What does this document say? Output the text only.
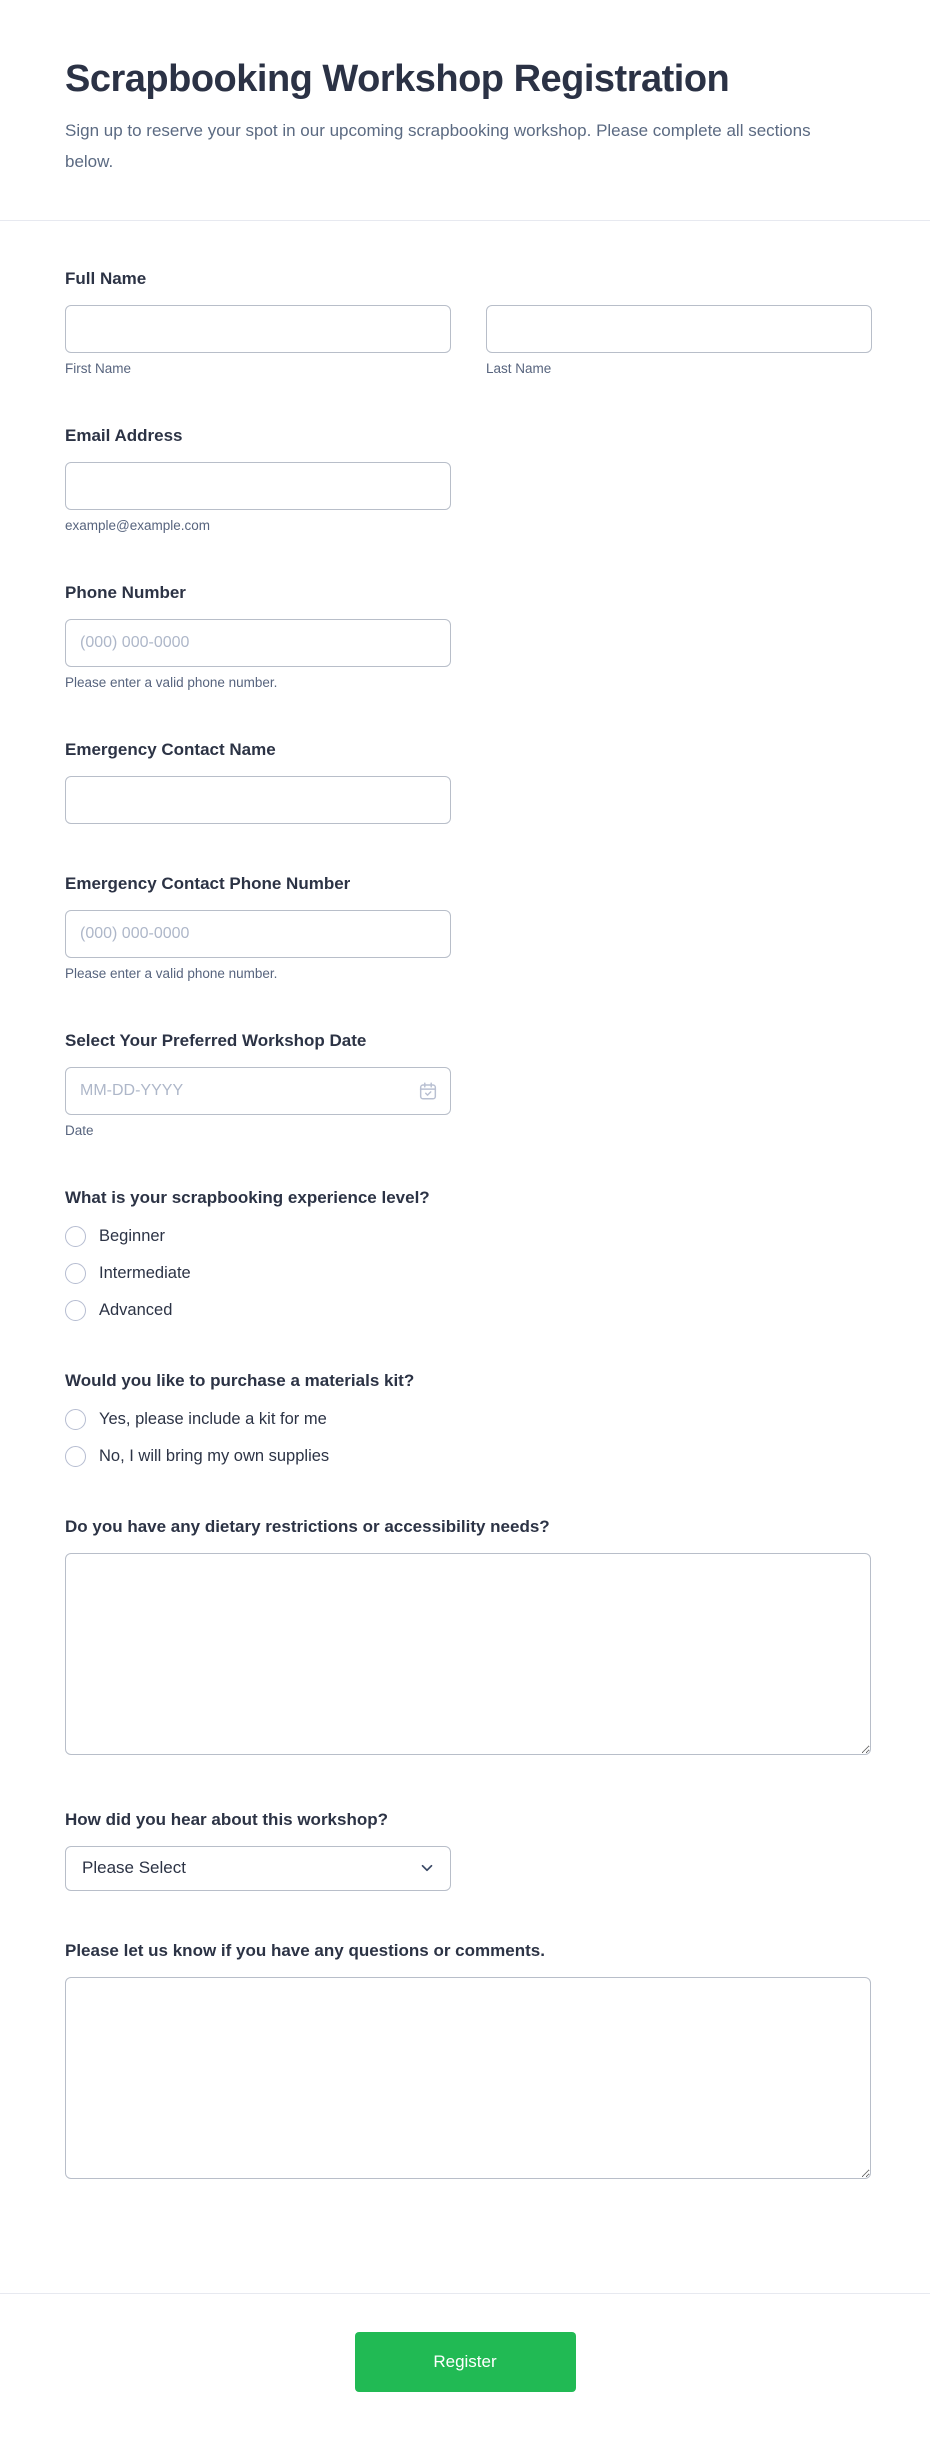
Scrapbooking Workshop Registration

Sign up to reserve your spot in our upcoming scrapbooking workshop. Please complete all sections below.

Full Name
First Name	Last Name
Email Address
example@example.com
Phone Number
(000) 000-0000
Please enter a valid phone number.
Emergency Contact Name
Emergency Contact Phone Number
(000) 000-0000
Please enter a valid phone number.
Select Your Preferred Workshop Date
MM-DD-YYYY
Date
What is your scrapbooking experience level?
Beginner
Intermediate
Advanced
Would you like to purchase a materials kit?
Yes, please include a kit for me
No, I will bring my own supplies
Do you have any dietary restrictions or accessibility needs?
How did you hear about this workshop?
Please Select
Please let us know if you have any questions or comments.
Register
